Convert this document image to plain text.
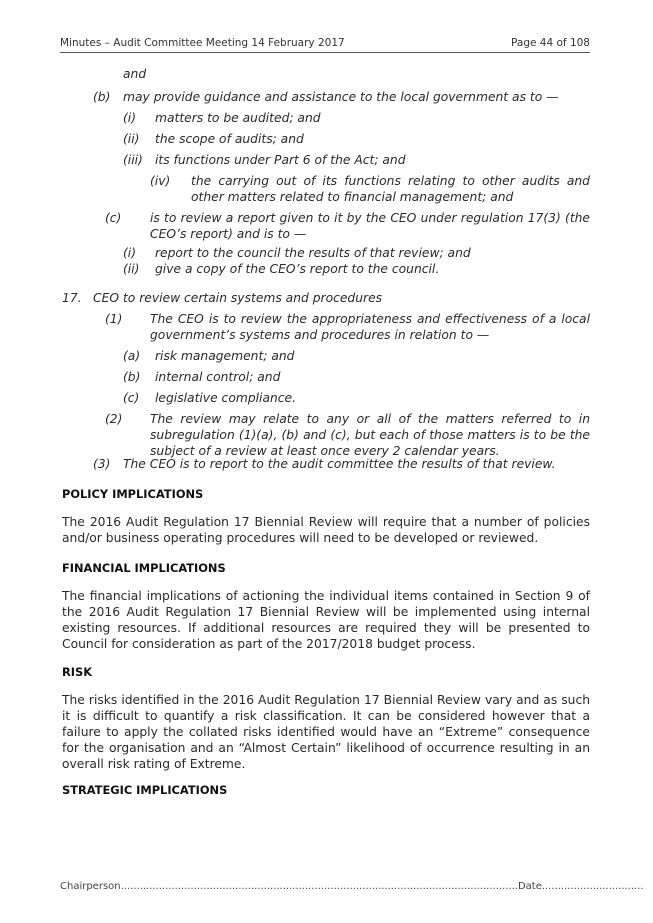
Minutes – Audit Committee Meeting 14 February 2017	Page 44 of 108
and
(b) may provide guidance and assistance to the local government as to —
(i) matters to be audited; and
(ii) the scope of audits; and
(iii) its functions under Part 6 of the Act; and
(iv) the carrying out of its functions relating to other audits and other matters related to financial management; and
(c) is to review a report given to it by the CEO under regulation 17(3) (the CEO’s report) and is to —
(i) report to the council the results of that review; and
(ii) give a copy of the CEO’s report to the council.
17. CEO to review certain systems and procedures
(1) The CEO is to review the appropriateness and effectiveness of a local government’s systems and procedures in relation to —
(a) risk management; and
(b) internal control; and
(c) legislative compliance.
(2) The review may relate to any or all of the matters referred to in subregulation (1)(a), (b) and (c), but each of those matters is to be the subject of a review at least once every 2 calendar years.
(3) The CEO is to report to the audit committee the results of that review.
POLICY IMPLICATIONS
The 2016 Audit Regulation 17 Biennial Review will require that a number of policies and/or business operating procedures will need to be developed or reviewed.
FINANCIAL IMPLICATIONS
The financial implications of actioning the individual items contained in Section 9 of the 2016 Audit Regulation 17 Biennial Review will be implemented using internal existing resources. If additional resources are required they will be presented to Council for consideration as part of the 2017/2018 budget process.
RISK
The risks identified in the 2016 Audit Regulation 17 Biennial Review vary and as such it is difficult to quantify a risk classification. It can be considered however that a failure to apply the collated risks identified would have an “Extreme” consequence for the organisation and an “Almost Certain” likelihood of occurrence resulting in an overall risk rating of Extreme.
STRATEGIC IMPLICATIONS
Chairperson.............................................................................................................................Date................................
